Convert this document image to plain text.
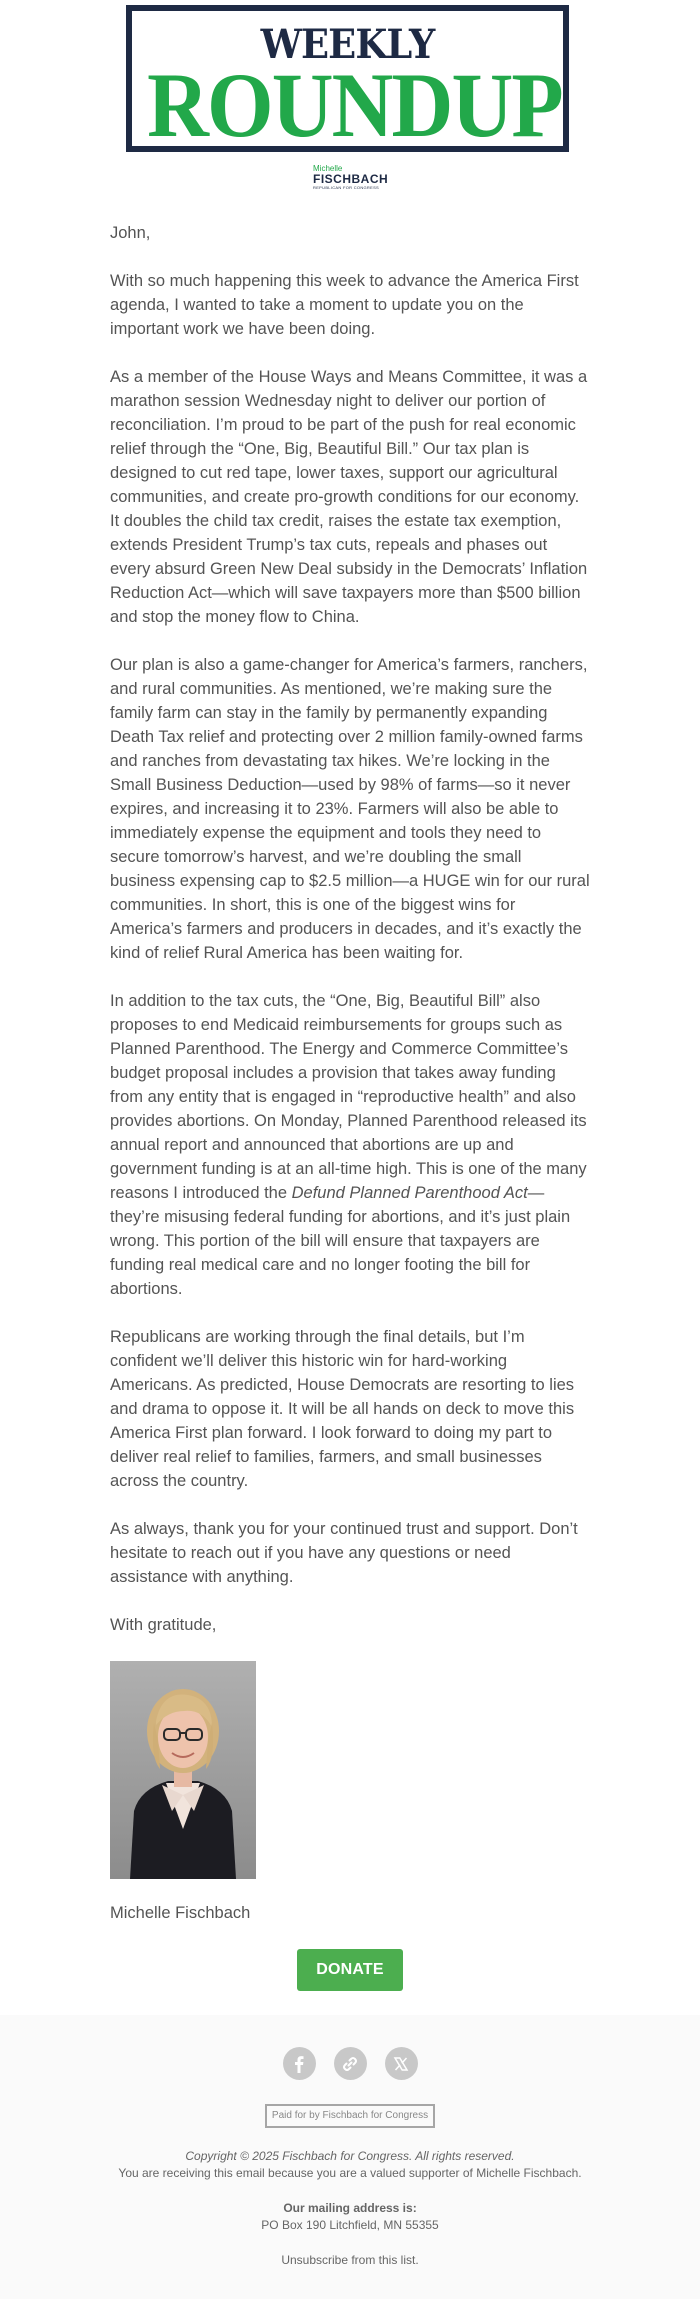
WEEKLY
ROUNDUP
Michelle
FISCHBACH
REPUBLICAN FOR CONGRESS

John,

With so much happening this week to advance the America First agenda, I wanted to take a moment to update you on the important work we have been doing.

As a member of the House Ways and Means Committee, it was a marathon session Wednesday night to deliver our portion of reconciliation. I’m proud to be part of the push for real economic relief through the “One, Big, Beautiful Bill.” Our tax plan is designed to cut red tape, lower taxes, support our agricultural communities, and create pro-growth conditions for our economy. It doubles the child tax credit, raises the estate tax exemption, extends President Trump’s tax cuts, repeals and phases out every absurd Green New Deal subsidy in the Democrats’ Inflation Reduction Act—which will save taxpayers more than $500 billion and stop the money flow to China.

Our plan is also a game-changer for America’s farmers, ranchers, and rural communities. As mentioned, we’re making sure the family farm can stay in the family by permanently expanding Death Tax relief and protecting over 2 million family-owned farms and ranches from devastating tax hikes. We’re locking in the Small Business Deduction—used by 98% of farms—so it never expires, and increasing it to 23%. Farmers will also be able to immediately expense the equipment and tools they need to secure tomorrow’s harvest, and we’re doubling the small business expensing cap to $2.5 million—a HUGE win for our rural communities. In short, this is one of the biggest wins for America’s farmers and producers in decades, and it’s exactly the kind of relief Rural America has been waiting for.

In addition to the tax cuts, the “One, Big, Beautiful Bill” also proposes to end Medicaid reimbursements for groups such as Planned Parenthood. The Energy and Commerce Committee’s budget proposal includes a provision that takes away funding from any entity that is engaged in “reproductive health” and also provides abortions. On Monday, Planned Parenthood released its annual report and announced that abortions are up and government funding is at an all-time high. This is one of the many reasons I introduced the Defund Planned Parenthood Act—they’re misusing federal funding for abortions, and it’s just plain wrong. This portion of the bill will ensure that taxpayers are funding real medical care and no longer footing the bill for abortions.

Republicans are working through the final details, but I’m confident we’ll deliver this historic win for hard-working Americans. As predicted, House Democrats are resorting to lies and drama to oppose it. It will be all hands on deck to move this America First plan forward. I look forward to doing my part to deliver real relief to families, farmers, and small businesses across the country.

As always, thank you for your continued trust and support. Don’t hesitate to reach out if you have any questions or need assistance with anything.

With gratitude,

Michelle Fischbach

DONATE
Paid for by Fischbach for Congress
Copyright © 2025 Fischbach for Congress. All rights reserved.
You are receiving this email because you are a valued supporter of Michelle Fischbach.
Our mailing address is:
PO Box 190 Litchfield, MN 55355
Unsubscribe from this list.
